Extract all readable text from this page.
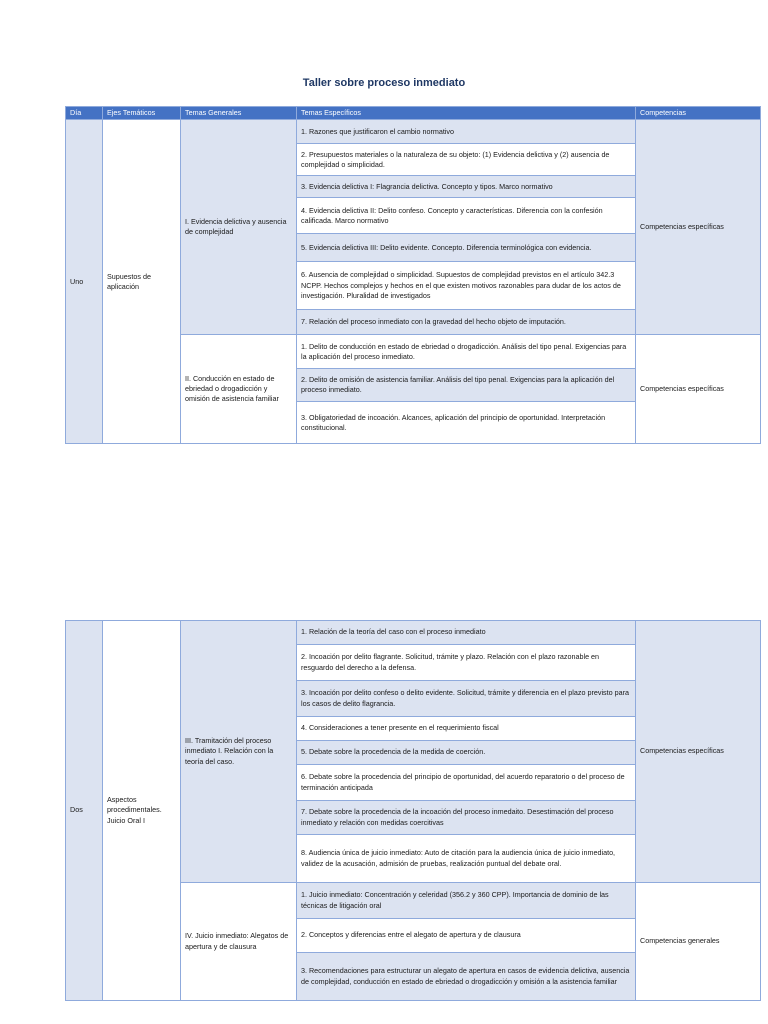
Taller sobre proceso inmediato
Día	Ejes Temáticos	Temas Generales	Temas Específicos	Competencias
Uno	Supuestos de aplicación	I. Evidencia delictiva y ausencia de complejidad	1. Razones que justificaron el cambio normativo	Competencias específicas
			2. Presupuestos materiales o la naturaleza de su objeto: (1) Evidencia delictiva y (2) ausencia de complejidad o simplicidad.	
			3. Evidencia delictiva I: Flagrancia delictiva. Concepto y tipos. Marco normativo	
			4. Evidencia delictiva II: Delito confeso. Concepto y características. Diferencia con la confesión calificada. Marco normativo	
			5. Evidencia delictiva III: Delito evidente. Concepto. Diferencia terminológica con evidencia.	
			6. Ausencia de complejidad o simplicidad. Supuestos de complejidad previstos en el artículo 342.3 NCPP. Hechos complejos y hechos en el que existen motivos razonables para dudar de los actos de investigación. Pluralidad de investigados	
			7. Relación del proceso inmediato con la gravedad del hecho objeto de imputación.	
		II. Conducción en estado de ebriedad o drogadicción y omisión de asistencia familiar	1. Delito de conducción en estado de ebriedad o drogadicción. Análisis del tipo penal. Exigencias para la aplicación del proceso inmediato.	Competencias específicas
			2. Delito de omisión de asistencia familiar. Análisis del tipo penal. Exigencias para la aplicación del proceso inmediato.	
			3. Obligatoriedad de incoación. Alcances, aplicación del principio de oportunidad. Interpretación constitucional.	
Dos	Aspectos procedimentales. Juicio Oral I	III. Tramitación del proceso inmediato I. Relación con la teoría del caso.	1. Relación de la teoría del caso con el proceso inmediato	Competencias específicas
			2. Incoación por delito flagrante. Solicitud, trámite y plazo. Relación con el plazo razonable en resguardo del derecho a la defensa.	
			3. Incoación por delito confeso o delito evidente. Solicitud, trámite y diferencia en el plazo previsto para los casos de delito flagrancia.	
			4. Consideraciones a tener presente en el requerimiento fiscal	
			5. Debate sobre la procedencia de la medida de coerción.	
			6. Debate sobre la procedencia del principio de oportunidad, del acuerdo reparatorio o del proceso de terminación anticipada	
			7. Debate sobre la procedencia de la incoación del proceso inmedaito. Desestimación del proceso inmediato y relación con medidas coercitivas	
			8. Audiencia única de juicio inmediato: Auto de citación para la audiencia única de juicio inmediato, validez de la acusación, admisión de pruebas, realización puntual del debate oral.	
		IV. Juicio inmediato: Alegatos de apertura y de clausura	1. Juicio inmediato: Concentración y celeridad (356.2 y 360 CPP). Importancia de dominio de las técnicas de litigación oral	Competencias generales
			2. Conceptos y diferencias entre el alegato de apertura y de clausura	
			3. Recomendaciones para estructurar un alegato de apertura en casos de evidencia delictiva, ausencia de complejidad, conducción en estado de ebriedad o drogadicción y omisión a la asistencia familiar	
